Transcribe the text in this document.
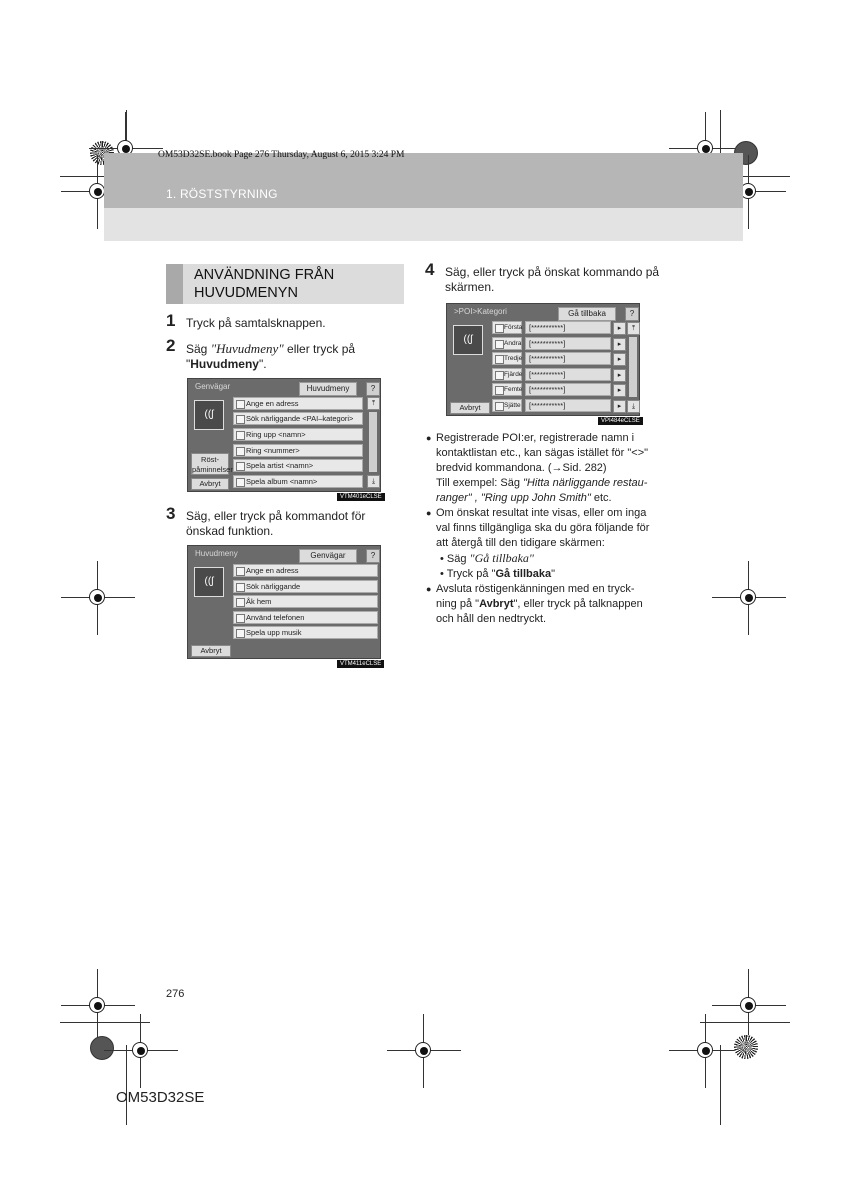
OM53D32SE.book Page 276 Thursday, August 6, 2015 3:24 PM
1. RÖSTSTYRNING
ANVÄNDNING FRÅN
HUVUDMENYN
1 Tryck på samtalsknappen.
2 Säg "Huvudmeny" eller tryck på "Huvudmeny".
Genvägar	Huvudmeny	?
((ʃ
Ange en adress
Sök närliggande <PAI–kategori>
Ring upp <namn>
Ring <nummer>
Spela artist <namn>
Spela album <namn>
⤒
⤓
Röst-
påminnelser
Avbryt
VTM401eCLSE
3 Säg, eller tryck på kommandot för önskad funktion.
Huvudmeny	Genvägar	?
((ʃ
Ange en adress
Sök närliggande
Åk hem
Använd telefonen
Spela upp musik
Avbryt
VTM411eCLSE
4 Säg, eller tryck på önskat kommando på skärmen.
>POI>Kategori	Gå tillbaka	?
((ʃ
Första [***********]	▸
Andra	[***********]	▸
Tredje [***********]	▸
Fjärde [***********]	▸
Femte [***********]	▸
Sjätte	[***********]	▸
⤒
⤓
Avbryt
VPI484eCLSE

● Registrerade POI:er, registrerade namn i
kontaktlistan etc., kan sägas istället för "<>"
bredvid kommandona. (→Sid. 282)
Till exempel: Säg "Hitta närliggande restau-
ranger" , "Ring upp John Smith" etc.

● Om önskat resultat inte visas, eller om inga
val finns tillgängliga ska du göra följande för
att återgå till den tidigare skärmen:

• Säg "Gå tillbaka"

• Tryck på "Gå tillbaka"

● Avsluta röstigenkänningen med en tryck-
ning på "Avbryt", eller tryck på talknappen
och håll den nedtryckt.

276
OM53D32SE
